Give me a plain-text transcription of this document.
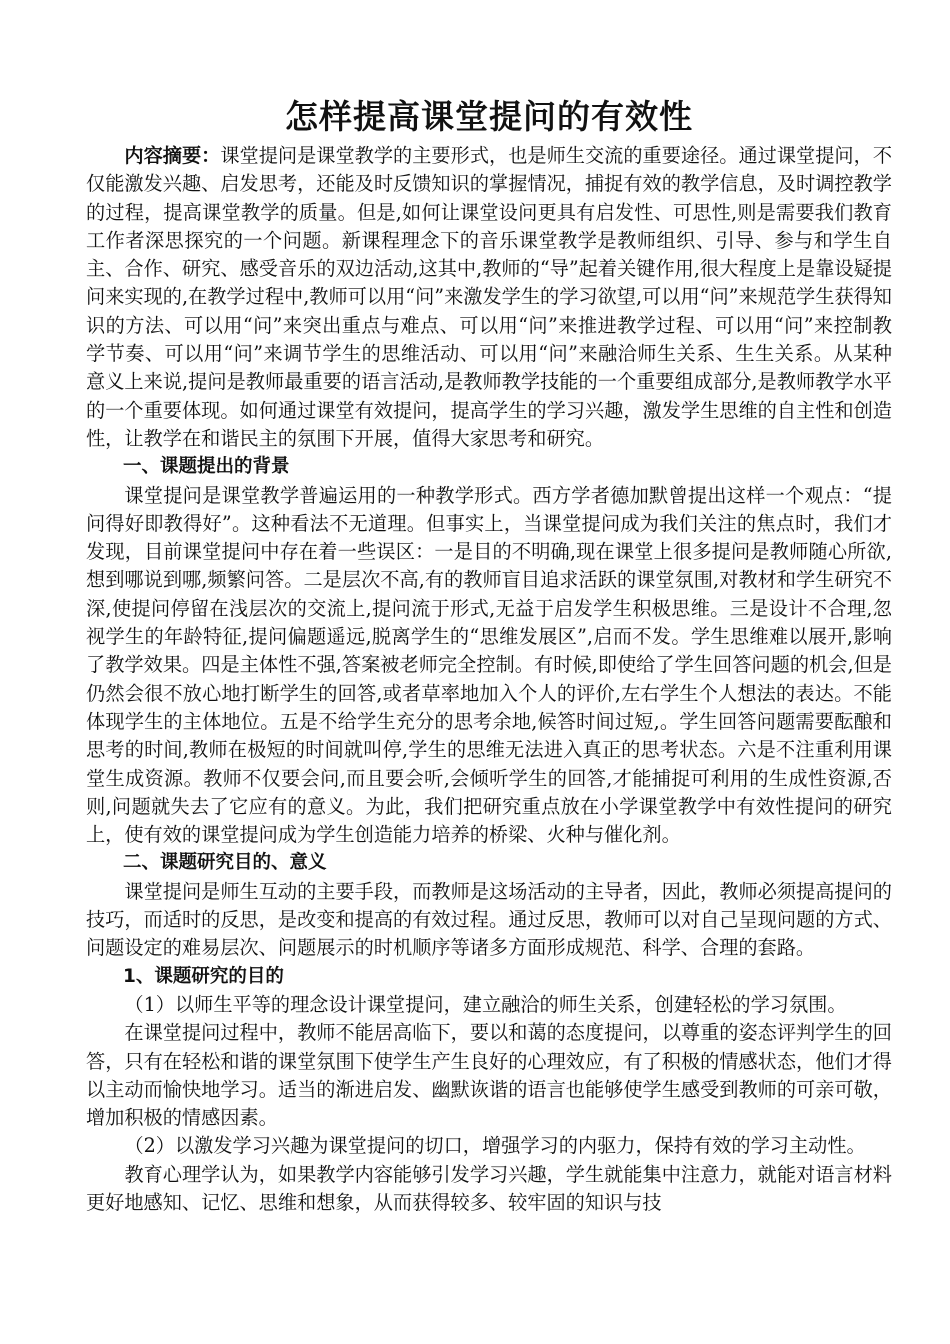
怎样提高课堂提问的有效性

内容摘要：课堂提问是课堂教学的主要形式，也是师生交流的重要途径。通过课堂提问，不仅能激发兴趣、启发思考，还能及时反馈知识的掌握情况，捕捉有效的教学信息，及时调控教学的过程，提高课堂教学的质量。但是,如何让课堂设问更具有启发性、可思性,则是需要我们教育工作者深思探究的一个问题。新课程理念下的音乐课堂教学是教师组织、引导、参与和学生自主、合作、研究、感受音乐的双边活动,这其中,教师的“导”起着关键作用,很大程度上是靠设疑提问来实现的,在教学过程中,教师可以用“问”来激发学生的学习欲望,可以用“问”来规范学生获得知识的方法、可以用“问”来突出重点与难点、可以用“问”来推进教学过程、可以用“问”来控制教学节奏、可以用“问”来调节学生的思维活动、可以用“问”来融洽师生关系、生生关系。从某种意义上来说,提问是教师最重要的语言活动,是教师教学技能的一个重要组成部分,是教师教学水平的一个重要体现。如何通过课堂有效提问，提高学生的学习兴趣，激发学生思维的自主性和创造性，让教学在和谐民主的氛围下开展，值得大家思考和研究。

一、课题提出的背景

课堂提问是课堂教学普遍运用的一种教学形式。西方学者德加默曾提出这样一个观点：“提问得好即教得好”。这种看法不无道理。但事实上，当课堂提问成为我们关注的焦点时，我们才发现，目前课堂提问中存在着一些误区：一是目的不明确,现在课堂上很多提问是教师随心所欲,想到哪说到哪,频繁问答。二是层次不高,有的教师盲目追求活跃的课堂氛围,对教材和学生研究不深,使提问停留在浅层次的交流上,提问流于形式,无益于启发学生积极思维。三是设计不合理,忽视学生的年龄特征,提问偏题遥远,脱离学生的“思维发展区”,启而不发。学生思维难以展开,影响了教学效果。四是主体性不强,答案被老师完全控制。有时候,即使给了学生回答问题的机会,但是仍然会很不放心地打断学生的回答,或者草率地加入个人的评价,左右学生个人想法的表达。不能体现学生的主体地位。五是不给学生充分的思考余地,候答时间过短,。学生回答问题需要酝酿和思考的时间,教师在极短的时间就叫停,学生的思维无法进入真正的思考状态。六是不注重利用课堂生成资源。教师不仅要会问,而且要会听,会倾听学生的回答,才能捕捉可利用的生成性资源,否则,问题就失去了它应有的意义。为此，我们把研究重点放在小学课堂教学中有效性提问的研究上，使有效的课堂提问成为学生创造能力培养的桥梁、火种与催化剂。

二、课题研究目的、意义

课堂提问是师生互动的主要手段，而教师是这场活动的主导者，因此，教师必须提高提问的技巧，而适时的反思，是改变和提高的有效过程。通过反思，教师可以对自己呈现问题的方式、问题设定的难易层次、问题展示的时机顺序等诸多方面形成规范、科学、合理的套路。

1、课题研究的目的

（1）以师生平等的理念设计课堂提问，建立融洽的师生关系，创建轻松的学习氛围。

在课堂提问过程中，教师不能居高临下，要以和蔼的态度提问，以尊重的姿态评判学生的回答，只有在轻松和谐的课堂氛围下使学生产生良好的心理效应，有了积极的情感状态，他们才得以主动而愉快地学习。适当的渐进启发、幽默诙谐的语言也能够使学生感受到教师的可亲可敬，增加积极的情感因素。

（2）以激发学习兴趣为课堂提问的切口，增强学习的内驱力，保持有效的学习主动性。

教育心理学认为，如果教学内容能够引发学习兴趣，学生就能集中注意力，就能对语言材料更好地感知、记忆、思维和想象，从而获得较多、较牢固的知识与技
